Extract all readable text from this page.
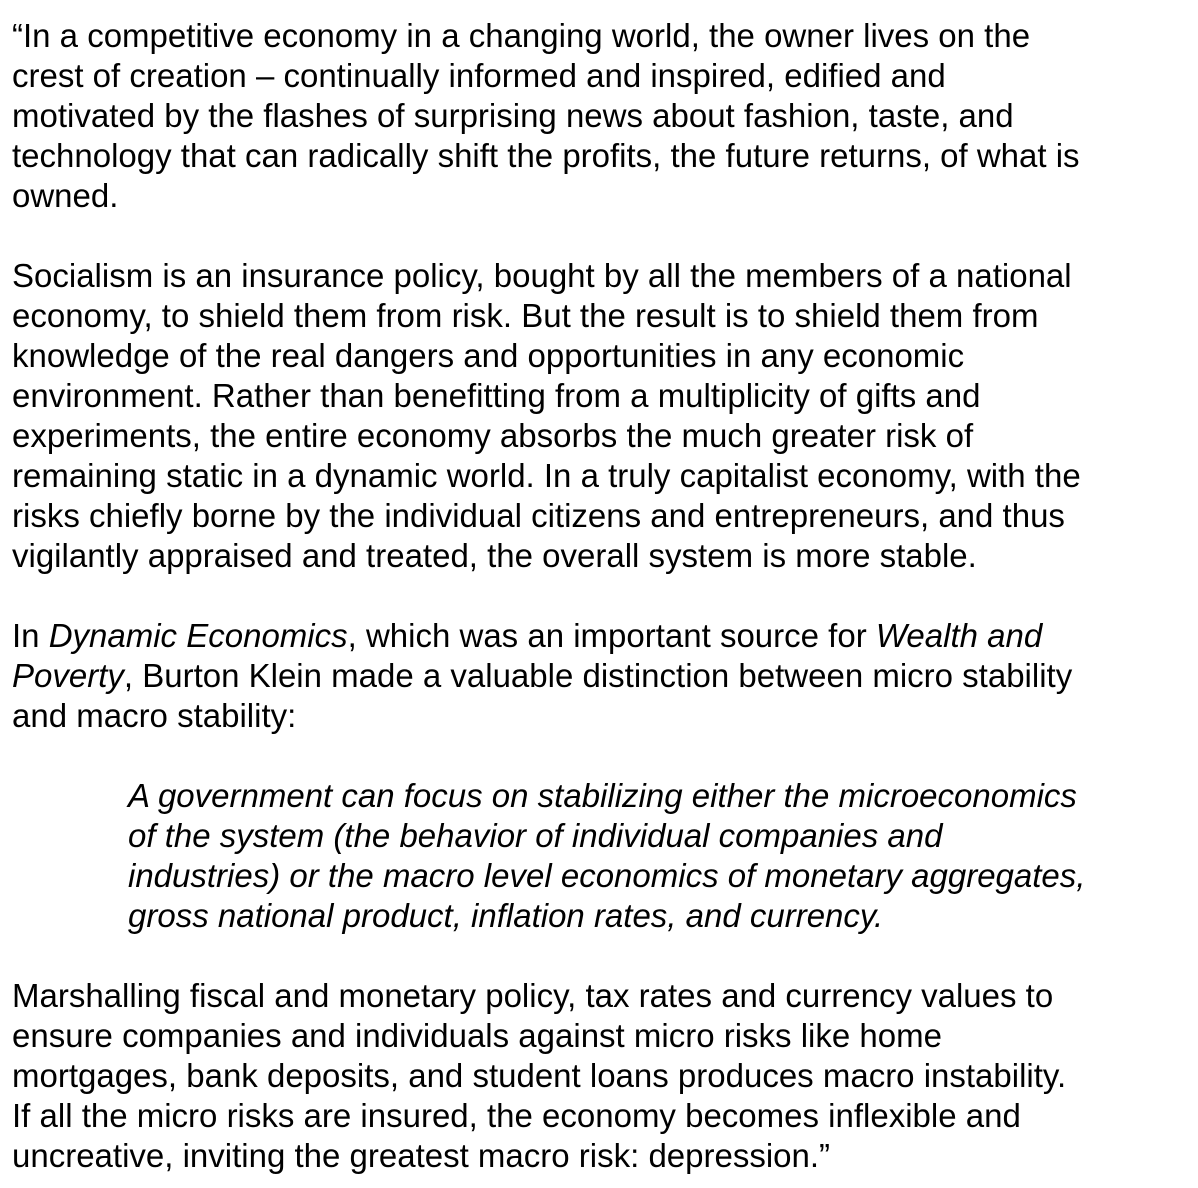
“In a competitive economy in a changing world, the owner lives on the
crest of creation – continually informed and inspired, edified and
motivated by the flashes of surprising news about fashion, taste, and
technology that can radically shift the profits, the future returns, of what is
owned.

Socialism is an insurance policy, bought by all the members of a national
economy, to shield them from risk. But the result is to shield them from
knowledge of the real dangers and opportunities in any economic
environment. Rather than benefitting from a multiplicity of gifts and
experiments, the entire economy absorbs the much greater risk of
remaining static in a dynamic world. In a truly capitalist economy, with the
risks chiefly borne by the individual citizens and entrepreneurs, and thus
vigilantly appraised and treated, the overall system is more stable.

In Dynamic Economics, which was an important source for Wealth and
Poverty, Burton Klein made a valuable distinction between micro stability
and macro stability:

A government can focus on stabilizing either the microeconomics
of the system (the behavior of individual companies and
industries) or the macro level economics of monetary aggregates,
gross national product, inflation rates, and currency.

Marshalling fiscal and monetary policy, tax rates and currency values to
ensure companies and individuals against micro risks like home
mortgages, bank deposits, and student loans produces macro instability.
If all the micro risks are insured, the economy becomes inflexible and
uncreative, inviting the greatest macro risk: depression.”
